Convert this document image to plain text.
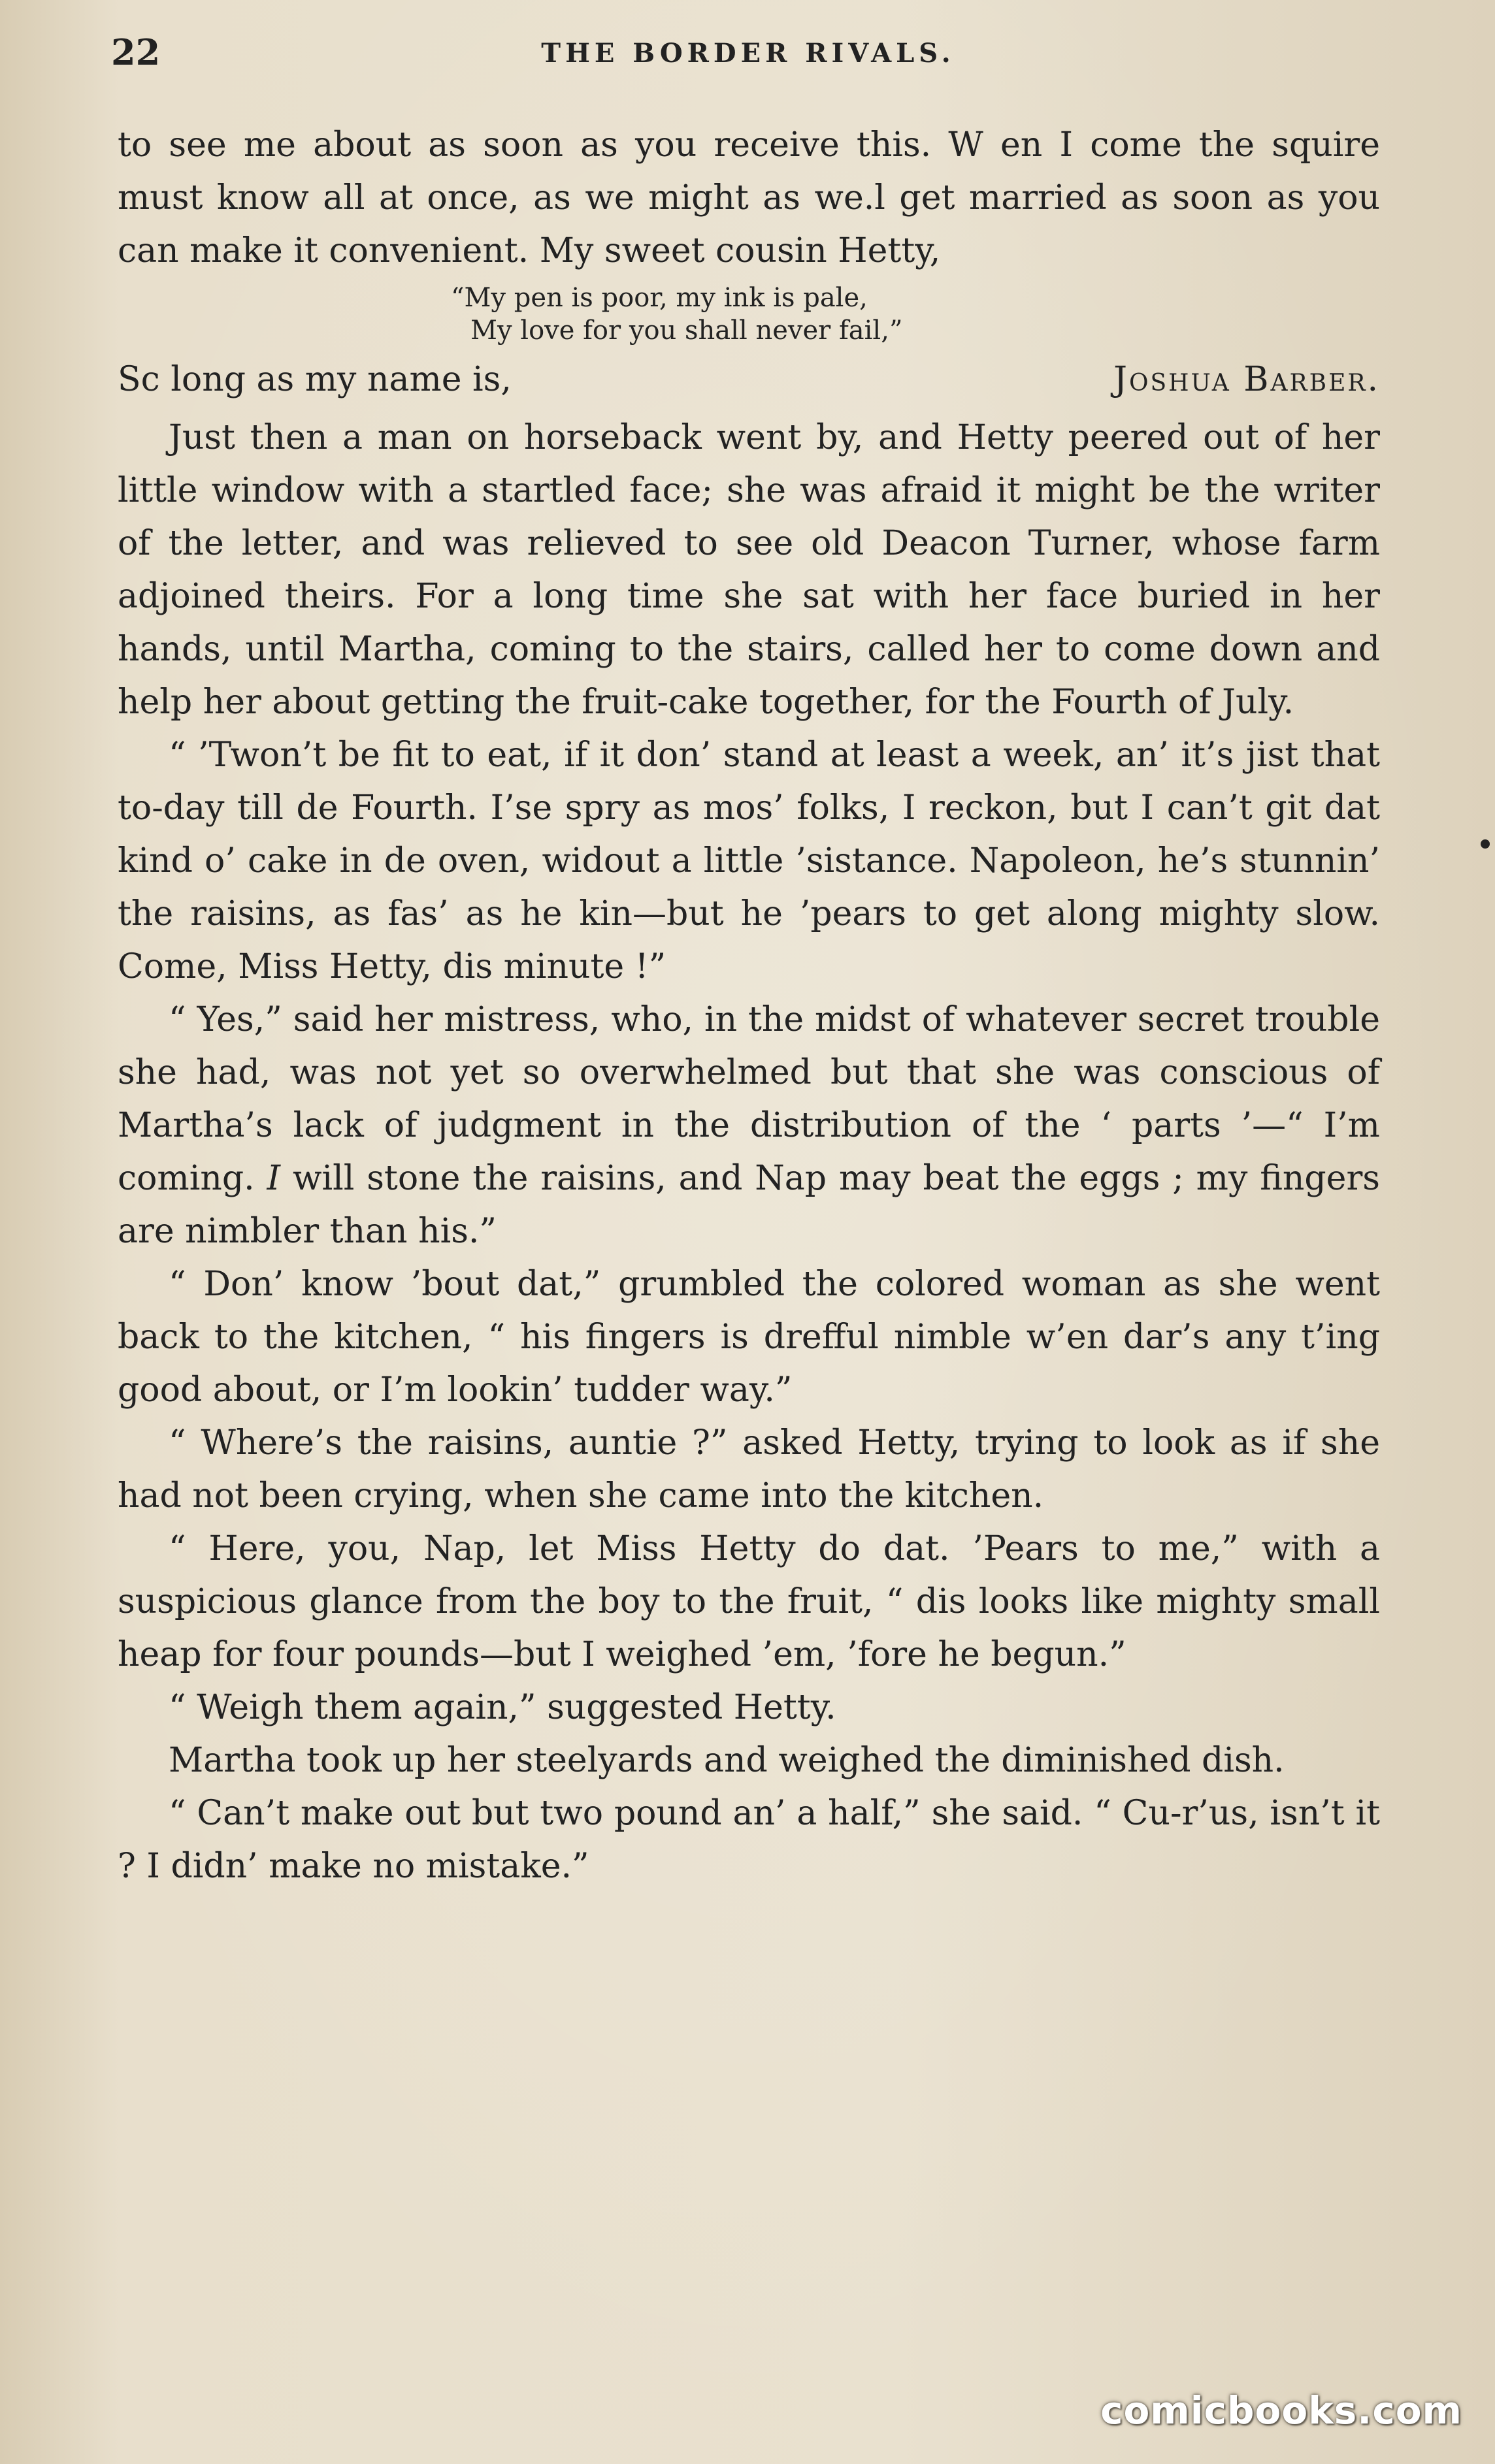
22	THE BORDER RIVALS.

to see me about as soon as you receive this. W en I come the squire must know all at once, as we might as we.l get married as soon as you can make it convenient. My sweet cousin Hetty,

“My pen is poor, my ink is pale,
My love for you shall never fail,”
Sc long as my name is,	Joshua Barber.

Just then a man on horseback went by, and Hetty peered out of her little window with a startled face; she was afraid it might be the writer of the letter, and was relieved to see old Deacon Turner, whose farm adjoined theirs. For a long time she sat with her face buried in her hands, until Martha, coming to the stairs, called her to come down and help her about getting the fruit-cake together, for the Fourth of July.

“ ’Twon’t be fit to eat, if it don’ stand at least a week, an’ it’s jist that to-day till de Fourth. I’se spry as mos’ folks, I reckon, but I can’t git dat kind o’ cake in de oven, widout a little ’sistance. Napoleon, he’s stunnin’ the raisins, as fas’ as he kin—but he ’pears to get along mighty slow. Come, Miss Hetty, dis minute !”

“ Yes,” said her mistress, who, in the midst of whatever secret trouble she had, was not yet so overwhelmed but that she was conscious of Martha’s lack of judgment in the distribution of the ‘ parts ’—“ I’m coming. I will stone the raisins, and Nap may beat the eggs ; my fingers are nimbler than his.”

“ Don’ know ’bout dat,” grumbled the colored woman as she went back to the kitchen, “ his fingers is drefful nimble w’en dar’s any t’ing good about, or I’m lookin’ tudder way.”

“ Where’s the raisins, auntie ?” asked Hetty, trying to look as if she had not been crying, when she came into the kitchen.

“ Here, you, Nap, let Miss Hetty do dat. ’Pears to me,” with a suspicious glance from the boy to the fruit, “ dis looks like mighty small heap for four pounds—but I weighed ’em, ’fore he begun.”

“ Weigh them again,” suggested Hetty.

Martha took up her steelyards and weighed the diminished dish.

“ Can’t make out but two pound an’ a half,” she said. “ Cu-r’us, isn’t it ? I didn’ make no mistake.”

comicbooks.com
